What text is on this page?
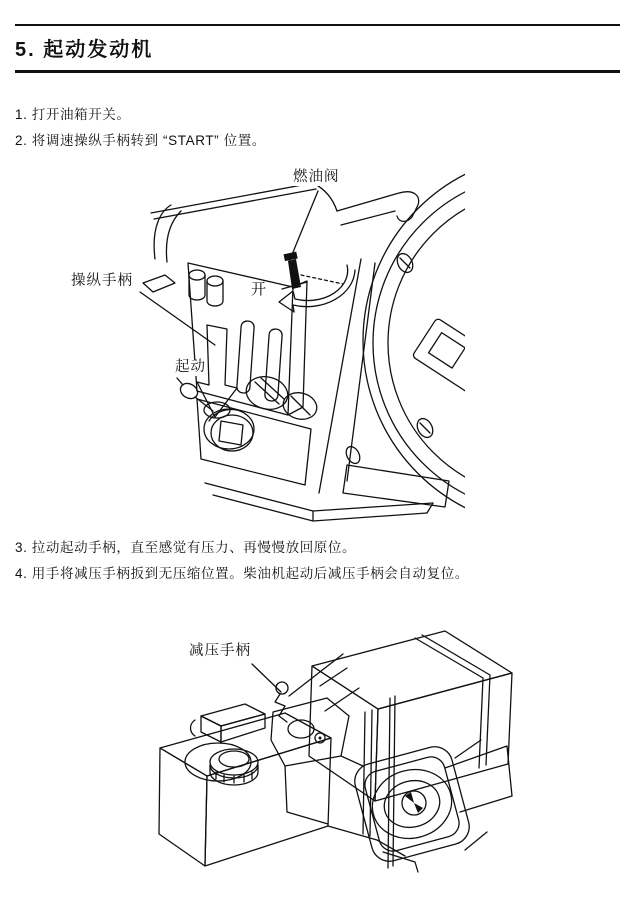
5. 起动发动机
1. 打开油箱开关。
2. 将调速操纵手柄转到 “START” 位置。
3. 拉动起动手柄，直至感觉有压力、再慢慢放回原位。
4. 用手将减压手柄扳到无压缩位置。柴油机起动后减压手柄会自动复位。
燃油阀
操纵手柄	开
起动
减压手柄
